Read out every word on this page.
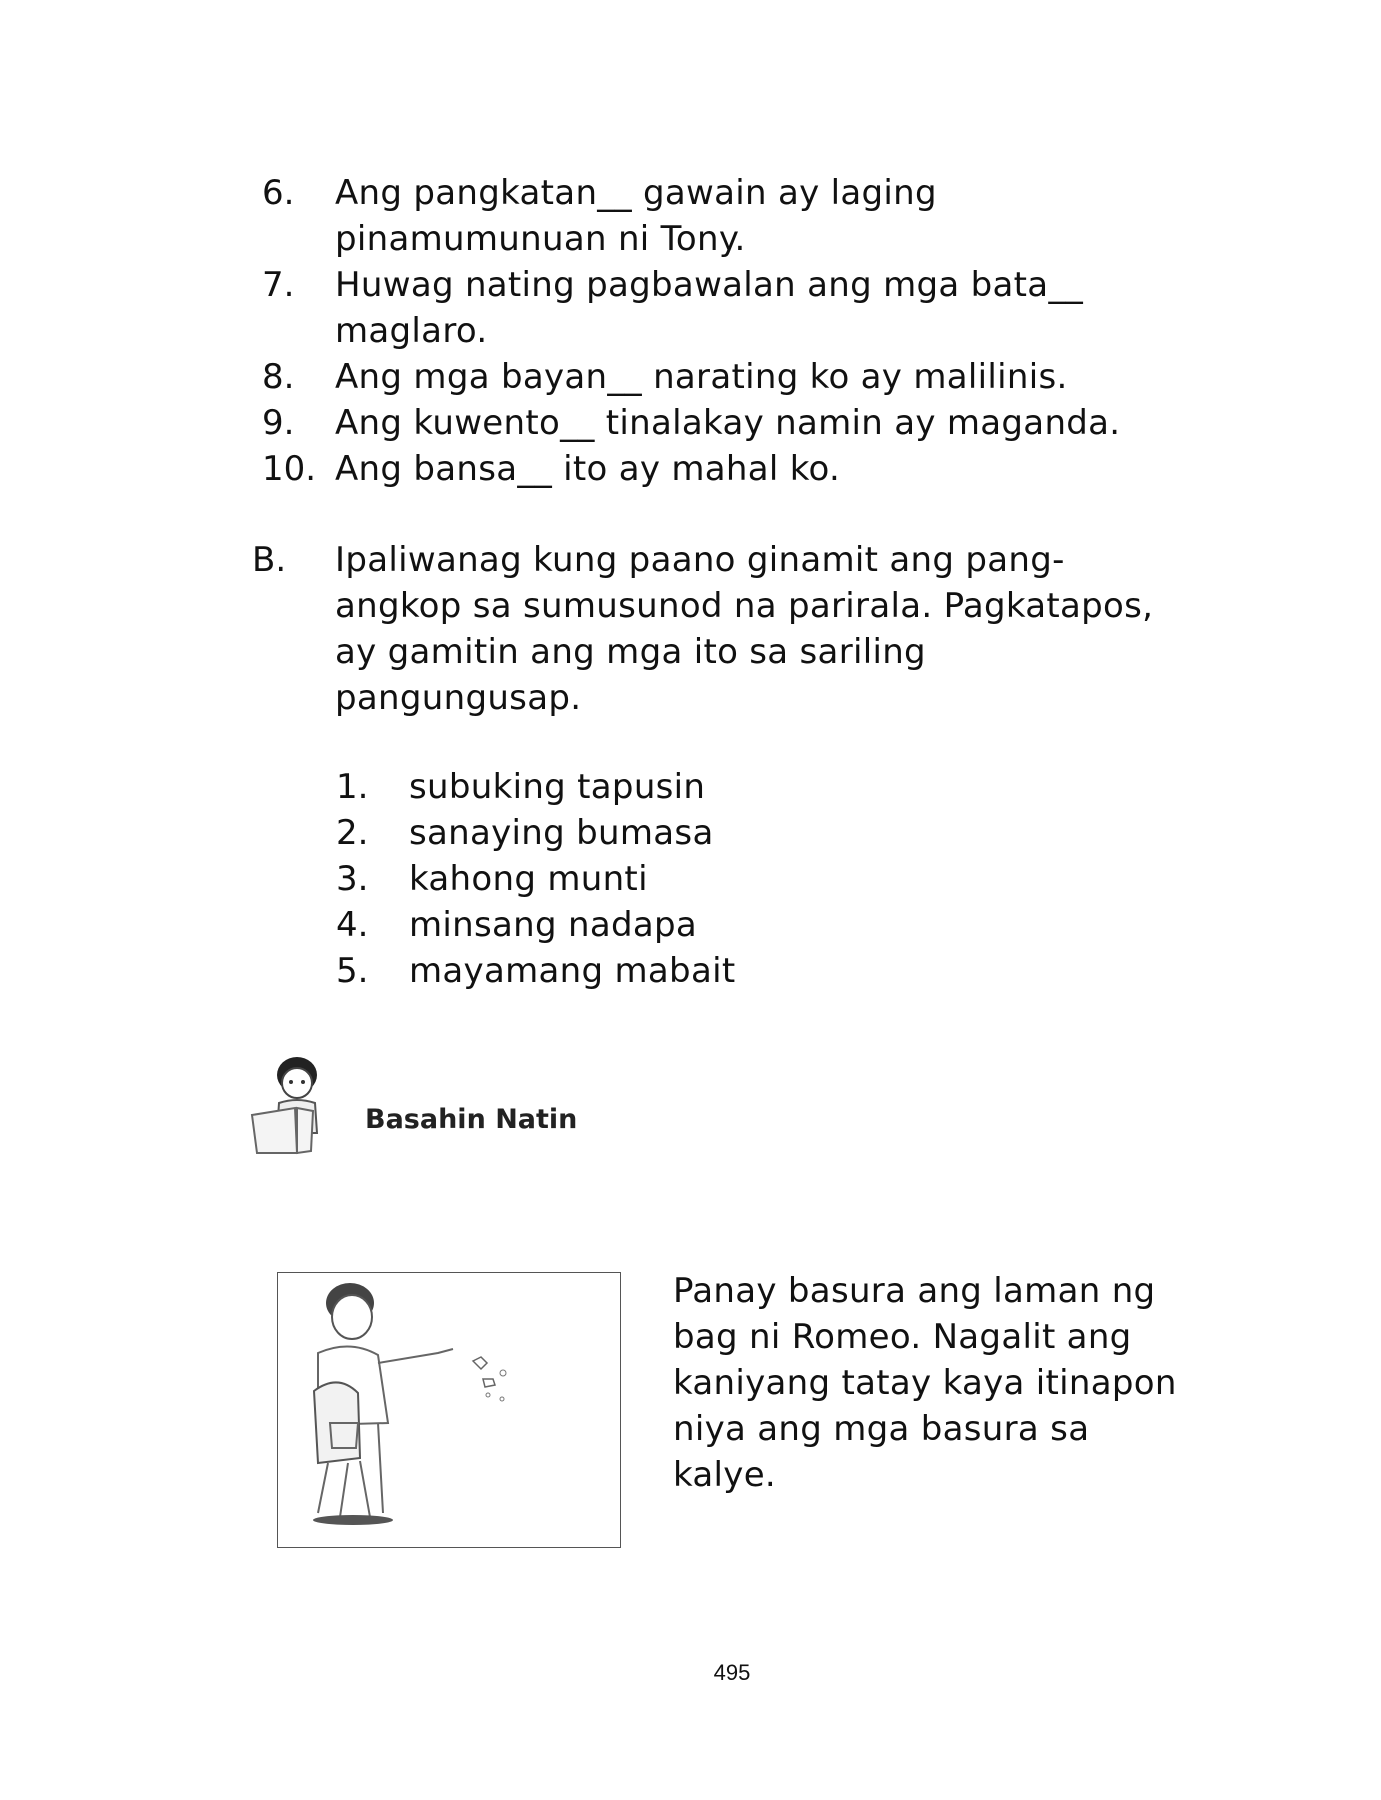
6. Ang pangkatan__ gawain ay laging
pinamumunuan ni Tony.
7. Huwag nating pagbawalan ang mga bata__
maglaro.
8. Ang mga bayan__ narating ko ay malilinis.
9. Ang kuwento__ tinalakay namin ay maganda.
10. Ang bansa__ ito ay mahal ko.
B. Ipaliwanag kung paano ginamit ang pang-
angkop sa sumusunod na parirala. Pagkatapos,
ay gamitin ang mga ito sa sariling
pangungusap.
1. subuking tapusin
2. sanaying bumasa
3. kahong munti
4. minsang nadapa
5. mayamang mabait
Basahin Natin
Panay basura ang laman ng
bag ni Romeo. Nagalit ang
kaniyang tatay kaya itinapon
niya ang mga basura sa
kalye.
495
